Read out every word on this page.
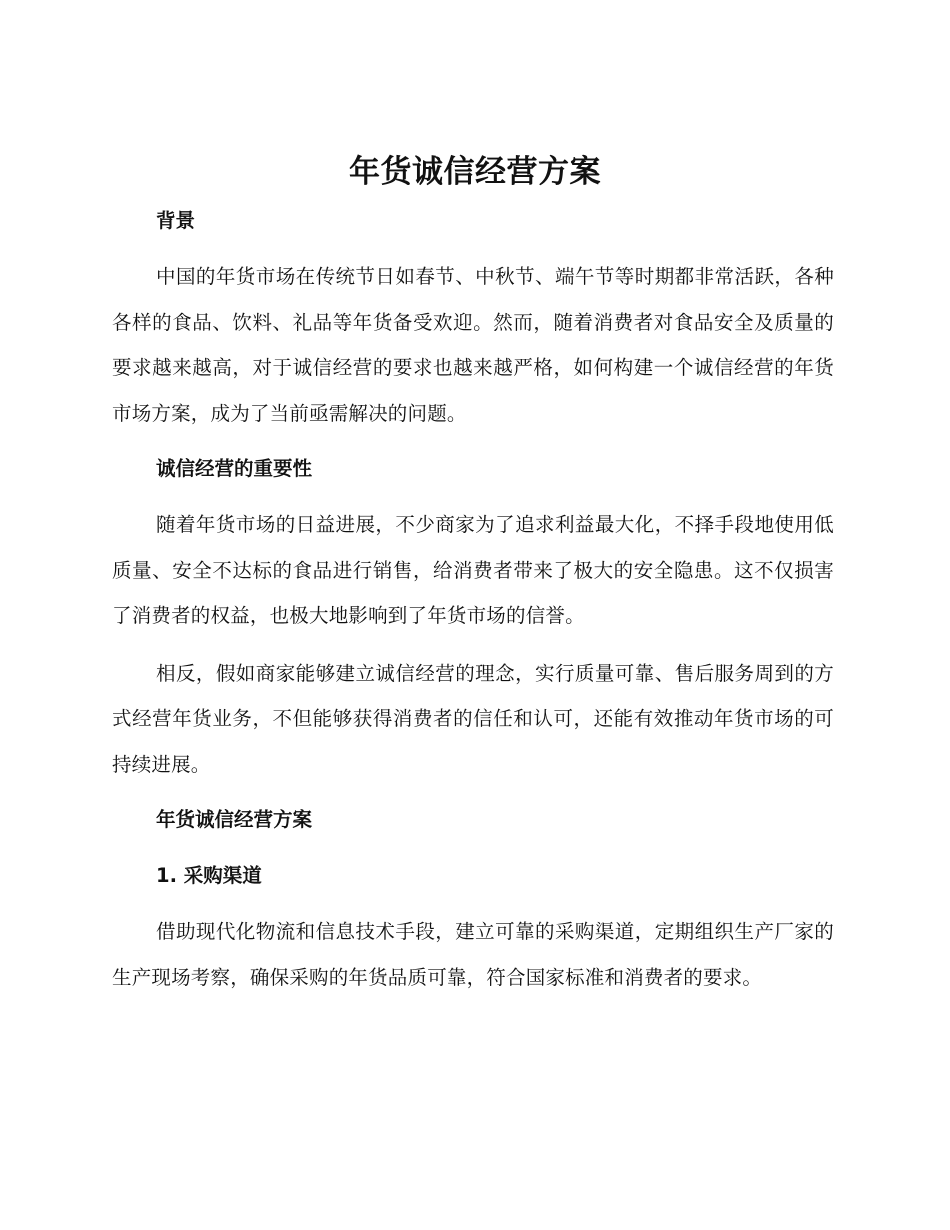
年货诚信经营方案

背景

中国的年货市场在传统节日如春节、中秋节、端午节等时期都非常活跃，各种各样的食品、饮料、礼品等年货备受欢迎。然而，随着消费者对食品安全及质量的要求越来越高，对于诚信经营的要求也越来越严格，如何构建一个诚信经营的年货市场方案，成为了当前亟需解决的问题。

诚信经营的重要性

随着年货市场的日益进展，不少商家为了追求利益最大化，不择手段地使用低质量、安全不达标的食品进行销售，给消费者带来了极大的安全隐患。这不仅损害了消费者的权益，也极大地影响到了年货市场的信誉。

相反，假如商家能够建立诚信经营的理念，实行质量可靠、售后服务周到的方式经营年货业务，不但能够获得消费者的信任和认可，还能有效推动年货市场的可持续进展。

年货诚信经营方案

1. 采购渠道

借助现代化物流和信息技术手段，建立可靠的采购渠道，定期组织生产厂家的生产现场考察，确保采购的年货品质可靠，符合国家标准和消费者的要求。
